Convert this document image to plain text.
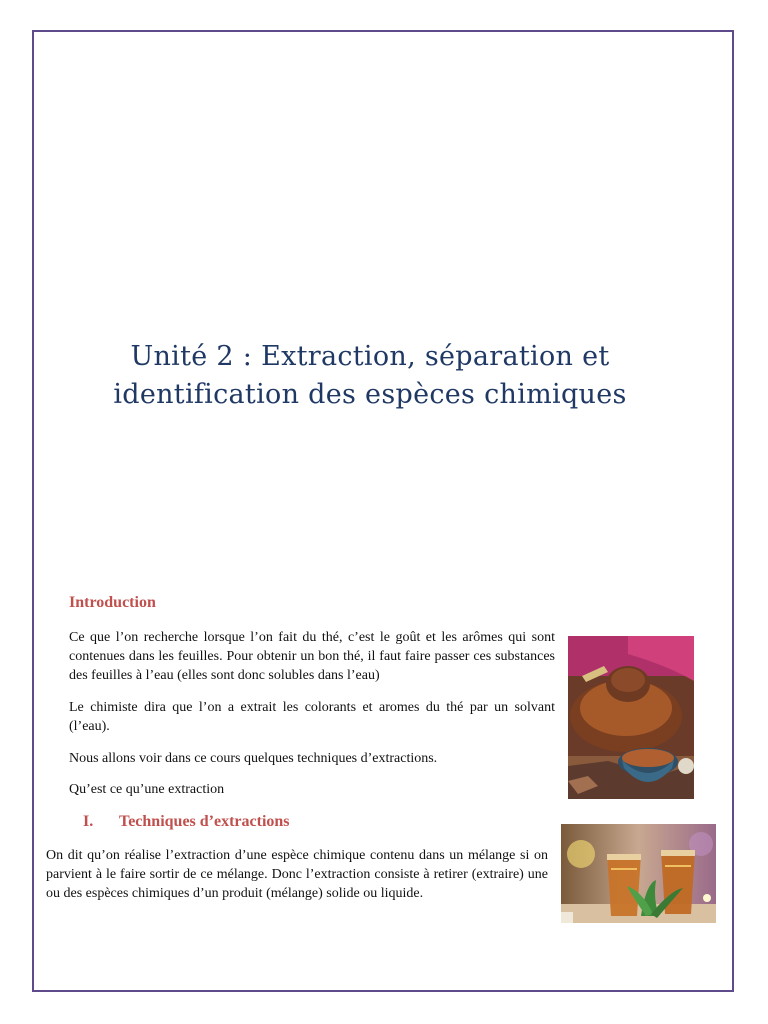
Unité 2 : Extraction, séparation et
identification des espèces chimiques
Introduction
Ce que l’on recherche lorsque l’on fait du thé, c’est le goût et les arômes qui sont contenues dans les feuilles. Pour obtenir un bon thé, il faut faire passer ces substances des feuilles à l’eau (elles sont donc solubles dans l’eau)
Le chimiste dira que l’on a extrait les colorants et aromes du thé par un solvant (l’eau).
Nous allons voir dans ce cours quelques techniques d’extractions.
Qu’est ce qu’une extraction
I. Techniques d’extractions
On dit qu’on réalise l’extraction d’une espèce chimique contenu dans un mélange si on parvient à le faire sortir de ce mélange. Donc l’extraction consiste à retirer (extraire) une ou des espèces chimiques d’un produit (mélange) solide ou liquide.
